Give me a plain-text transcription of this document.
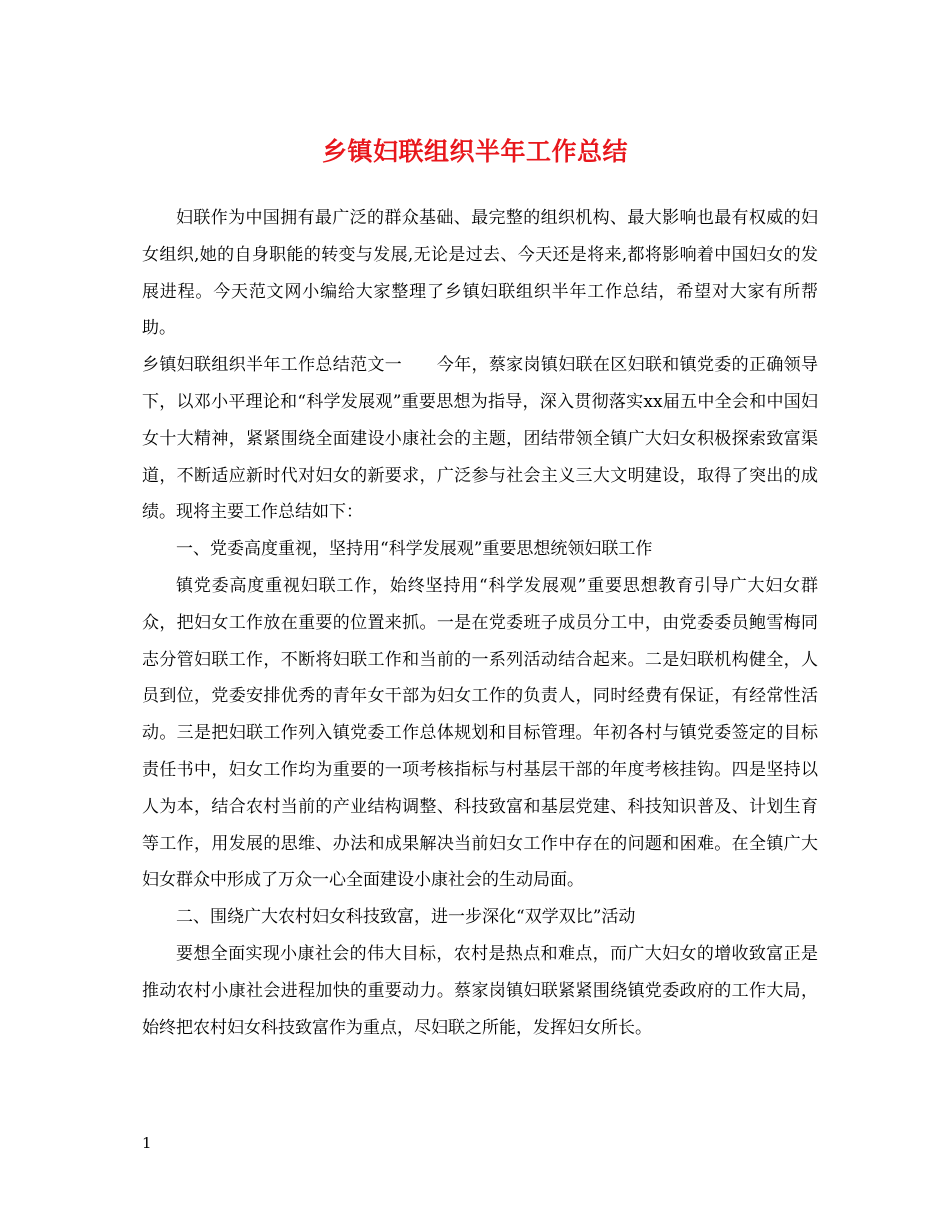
乡镇妇联组织半年工作总结

妇联作为中国拥有最广泛的群众基础、最完整的组织机构、最大影响也最有权威的妇女组织,她的自身职能的转变与发展,无论是过去、今天还是将来,都将影响着中国妇女的发展进程。今天范文网小编给大家整理了乡镇妇联组织半年工作总结，希望对大家有所帮助。

乡镇妇联组织半年工作总结范文一　　今年，蔡家岗镇妇联在区妇联和镇党委的正确领导下，以邓小平理论和“科学发展观”重要思想为指导，深入贯彻落实xx届五中全会和中国妇女十大精神，紧紧围绕全面建设小康社会的主题，团结带领全镇广大妇女积极探索致富渠道，不断适应新时代对妇女的新要求，广泛参与社会主义三大文明建设，取得了突出的成绩。现将主要工作总结如下：

一、党委高度重视，坚持用“科学发展观”重要思想统领妇联工作

镇党委高度重视妇联工作，始终坚持用“科学发展观”重要思想教育引导广大妇女群众，把妇女工作放在重要的位置来抓。一是在党委班子成员分工中，由党委委员鲍雪梅同志分管妇联工作，不断将妇联工作和当前的一系列活动结合起来。二是妇联机构健全，人员到位，党委安排优秀的青年女干部为妇女工作的负责人，同时经费有保证，有经常性活动。三是把妇联工作列入镇党委工作总体规划和目标管理。年初各村与镇党委签定的目标责任书中，妇女工作均为重要的一项考核指标与村基层干部的年度考核挂钩。四是坚持以人为本，结合农村当前的产业结构调整、科技致富和基层党建、科技知识普及、计划生育等工作，用发展的思维、办法和成果解决当前妇女工作中存在的问题和困难。在全镇广大妇女群众中形成了万众一心全面建设小康社会的生动局面。

二、围绕广大农村妇女科技致富，进一步深化“双学双比”活动

要想全面实现小康社会的伟大目标，农村是热点和难点，而广大妇女的增收致富正是推动农村小康社会进程加快的重要动力。蔡家岗镇妇联紧紧围绕镇党委政府的工作大局，始终把农村妇女科技致富作为重点，尽妇联之所能，发挥妇女所长。

1
